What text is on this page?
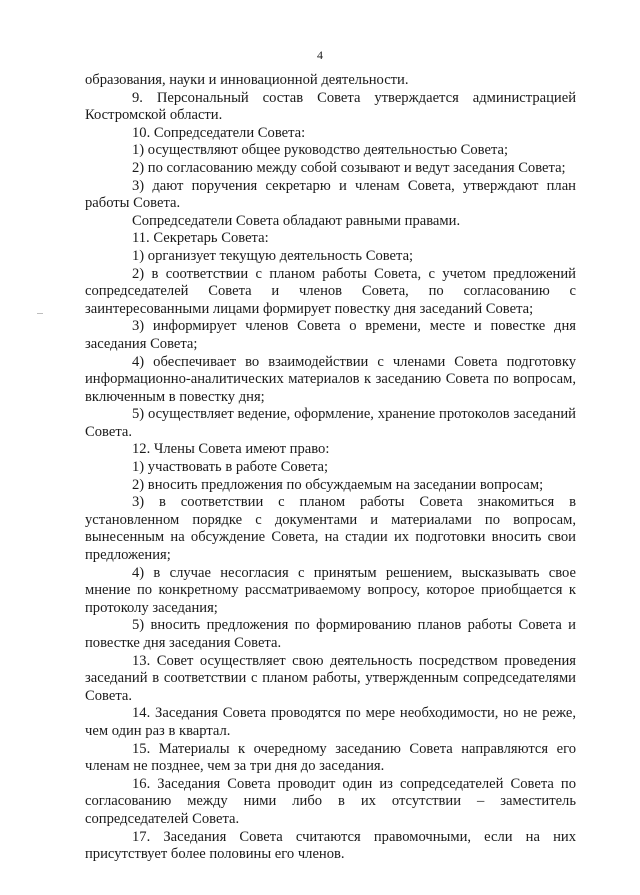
4

образования, науки и инновационной деятельности.

9. Персональный состав Совета утверждается администрацией Костромской области.

10. Сопредседатели Совета:

1) осуществляют общее руководство деятельностью Совета;

2) по согласованию между собой созывают и ведут заседания Совета;

3) дают поручения секретарю и членам Совета, утверждают план работы Совета.

Сопредседатели Совета обладают равными правами.

11. Секретарь Совета:

1) организует текущую деятельность Совета;

2) в соответствии с планом работы Совета, с учетом предложений сопредседателей Совета и членов Совета, по согласованию с заинтересованными лицами формирует повестку дня заседаний Совета;

3) информирует членов Совета о времени, месте и повестке дня заседания Совета;

4) обеспечивает во взаимодействии с членами Совета подготовку информационно-аналитических материалов к заседанию Совета по вопросам, включенным в повестку дня;

5) осуществляет ведение, оформление, хранение протоколов заседаний Совета.

12. Члены Совета имеют право:

1) участвовать в работе Совета;

2) вносить предложения по обсуждаемым на заседании вопросам;

3) в соответствии с планом работы Совета знакомиться в установленном порядке с документами и материалами по вопросам, вынесенным на обсуждение Совета, на стадии их подготовки вносить свои предложения;

4) в случае несогласия с принятым решением, высказывать свое мнение по конкретному рассматриваемому вопросу, которое приобщается к протоколу заседания;

5) вносить предложения по формированию планов работы Совета и повестке дня заседания Совета.

13. Совет осуществляет свою деятельность посредством проведения заседаний в соответствии с планом работы, утвержденным сопредседателями Совета.

14. Заседания Совета проводятся по мере необходимости, но не реже, чем один раз в квартал.

15. Материалы к очередному заседанию Совета направляются его членам не позднее, чем за три дня до заседания.

16. Заседания Совета проводит один из сопредседателей Совета по согласованию между ними либо в их отсутствии – заместитель сопредседателей Совета.

17. Заседания Совета считаются правомочными, если на них присутствует более половины его членов.
